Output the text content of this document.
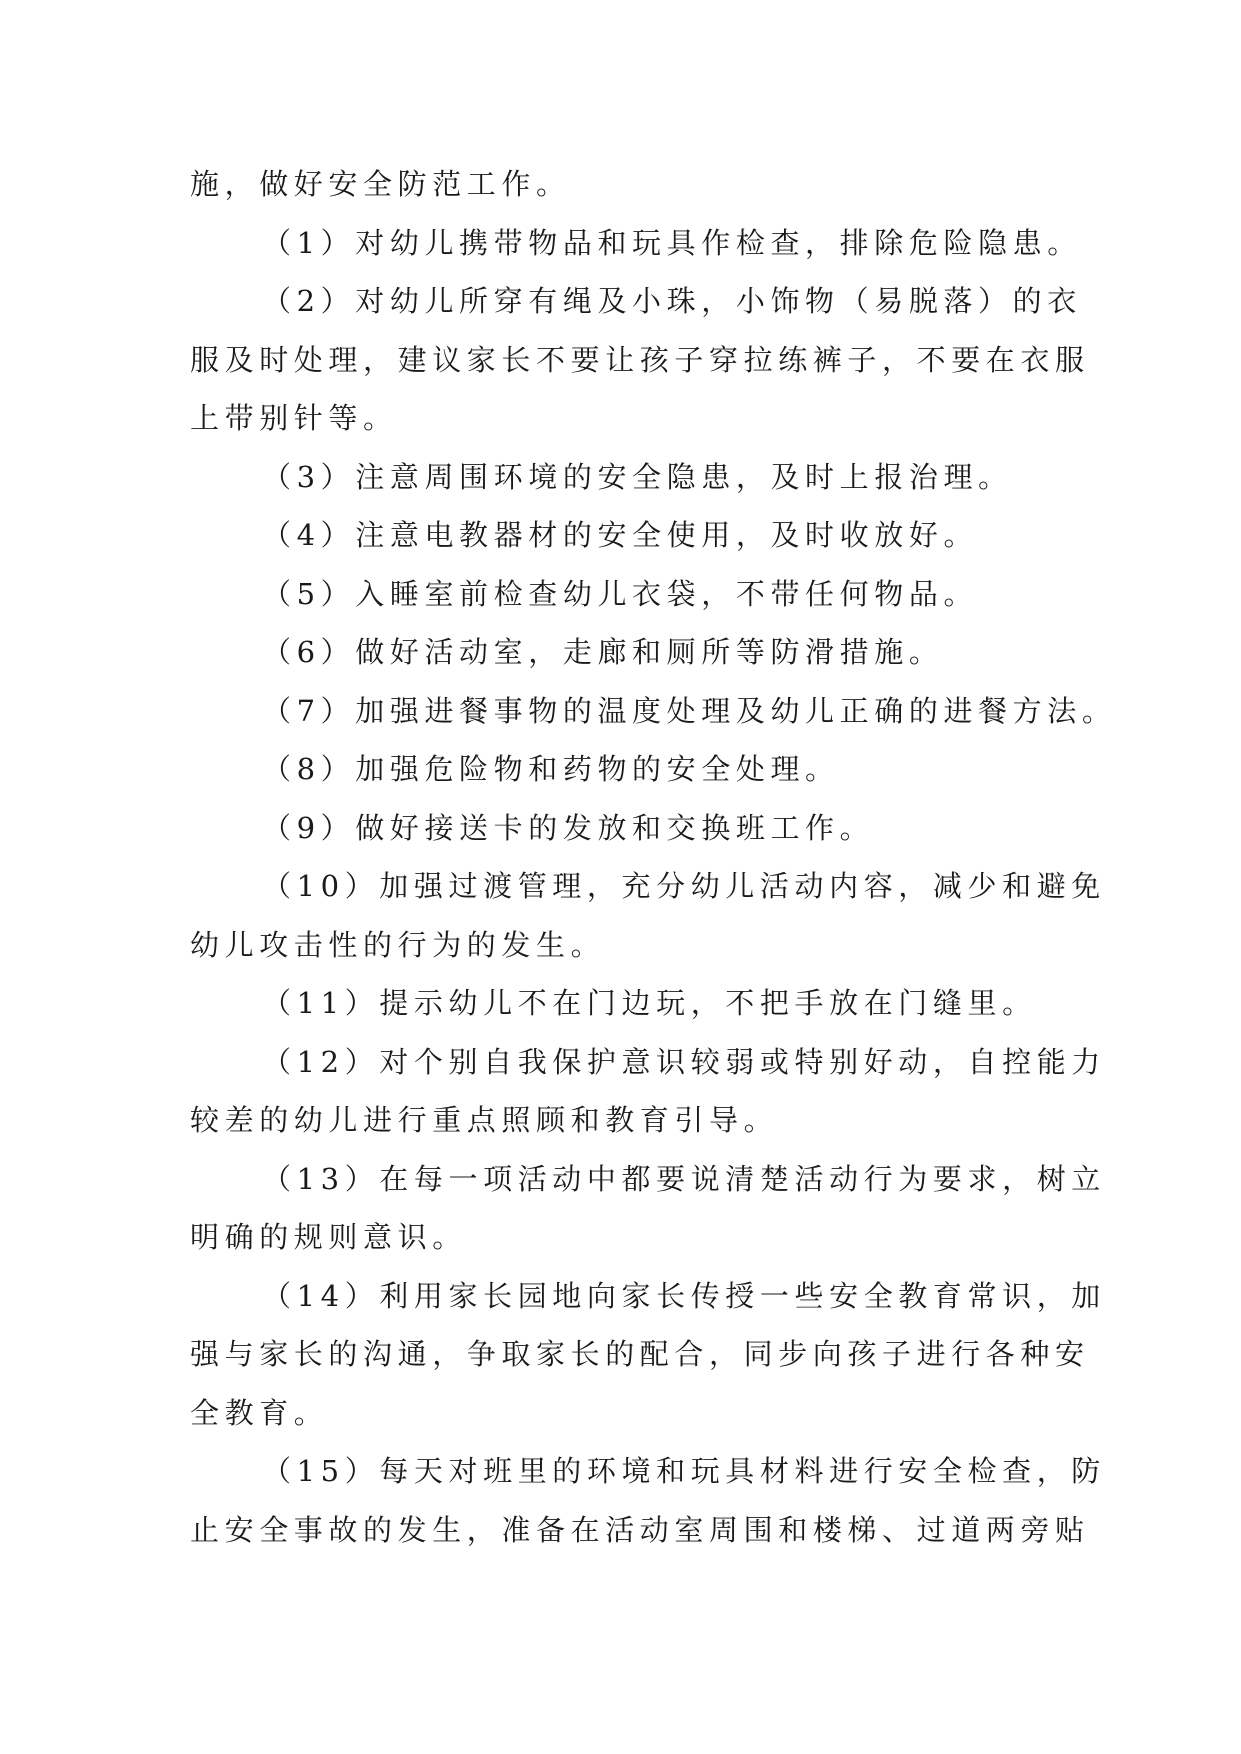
施，做好安全防范工作。
（1）对幼儿携带物品和玩具作检查，排除危险隐患。
（2）对幼儿所穿有绳及小珠，小饰物（易脱落）的衣
服及时处理，建议家长不要让孩子穿拉练裤子，不要在衣服
上带别针等。
（3）注意周围环境的安全隐患，及时上报治理。
（4）注意电教器材的安全使用，及时收放好。
（5）入睡室前检查幼儿衣袋，不带任何物品。
（6）做好活动室，走廊和厕所等防滑措施。
（7）加强进餐事物的温度处理及幼儿正确的进餐方法。
（8）加强危险物和药物的安全处理。
（9）做好接送卡的发放和交换班工作。
（10）加强过渡管理，充分幼儿活动内容，减少和避免
幼儿攻击性的行为的发生。
（11）提示幼儿不在门边玩，不把手放在门缝里。
（12）对个别自我保护意识较弱或特别好动，自控能力
较差的幼儿进行重点照顾和教育引导。
（13）在每一项活动中都要说清楚活动行为要求，树立
明确的规则意识。
（14）利用家长园地向家长传授一些安全教育常识，加
强与家长的沟通，争取家长的配合，同步向孩子进行各种安
全教育。
（15）每天对班里的环境和玩具材料进行安全检查，防
止安全事故的发生，准备在活动室周围和楼梯、过道两旁贴
